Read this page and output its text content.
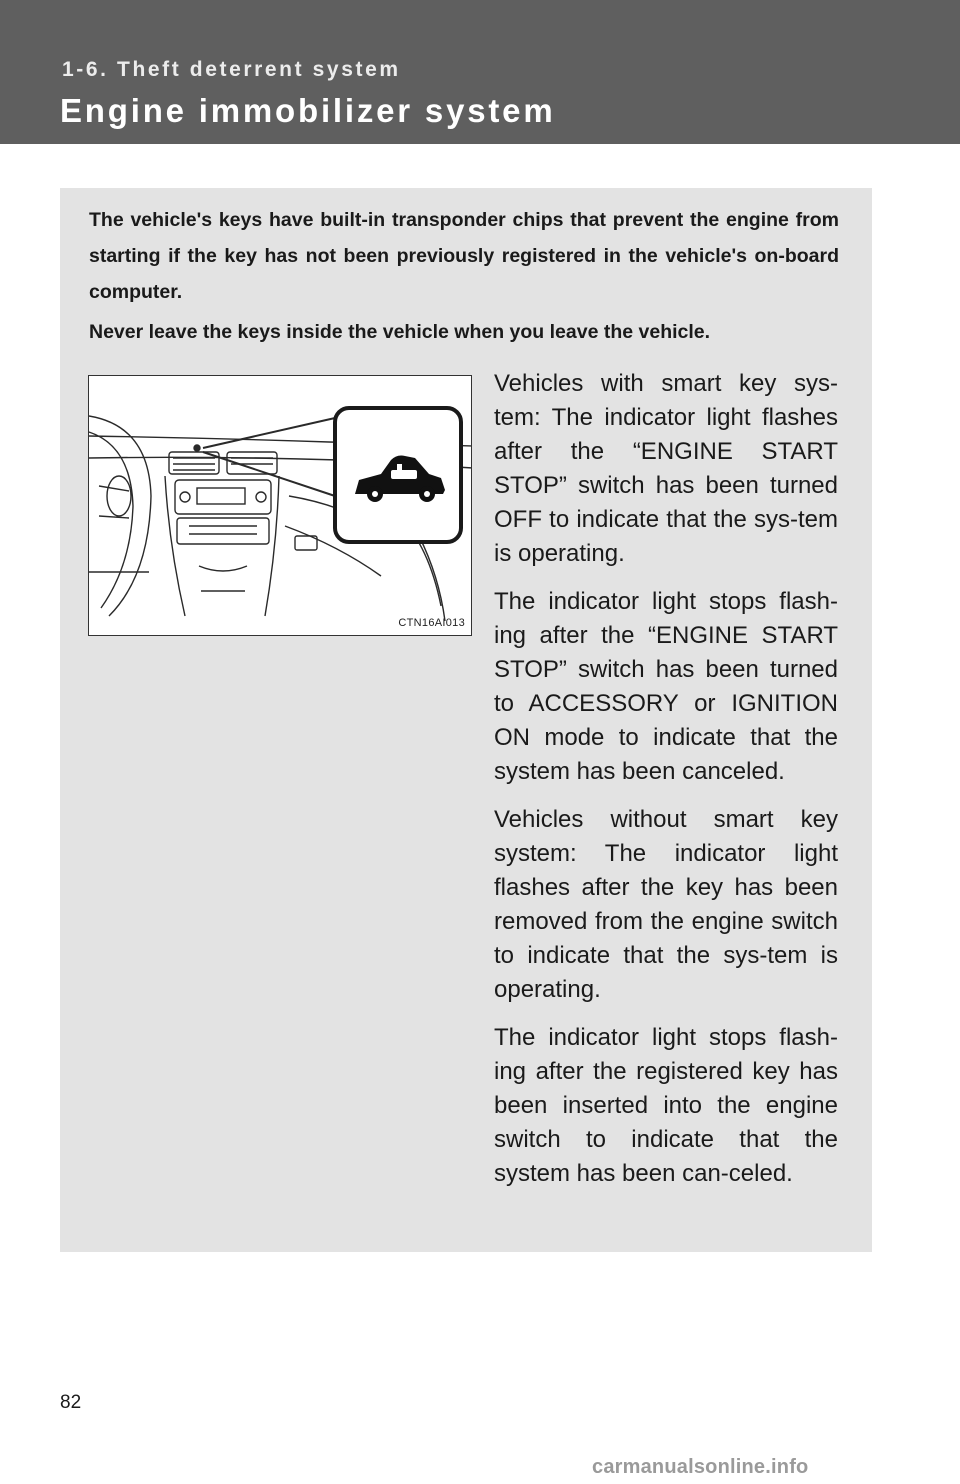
1-6. Theft deterrent system
Engine immobilizer system

The vehicle's keys have built-in transponder chips that prevent the engine from starting if the key has not been previously registered in the vehicle's on-board computer.

Never leave the keys inside the vehicle when you leave the vehicle.

CTN16AI013

Vehicles with smart key sys-tem: The indicator light flashes after the “ENGINE START STOP” switch has been turned OFF to indicate that the sys-tem is operating.

The indicator light stops flash-ing after the “ENGINE START STOP” switch has been turned to ACCESSORY or IGNITION ON mode to indicate that the system has been canceled.

Vehicles without smart key system: The indicator light flashes after the key has been removed from the engine switch to indicate that the sys-tem is operating.

The indicator light stops flash-ing after the registered key has been inserted into the engine switch to indicate that the system has been can-celed.

82
carmanualsonline.info
